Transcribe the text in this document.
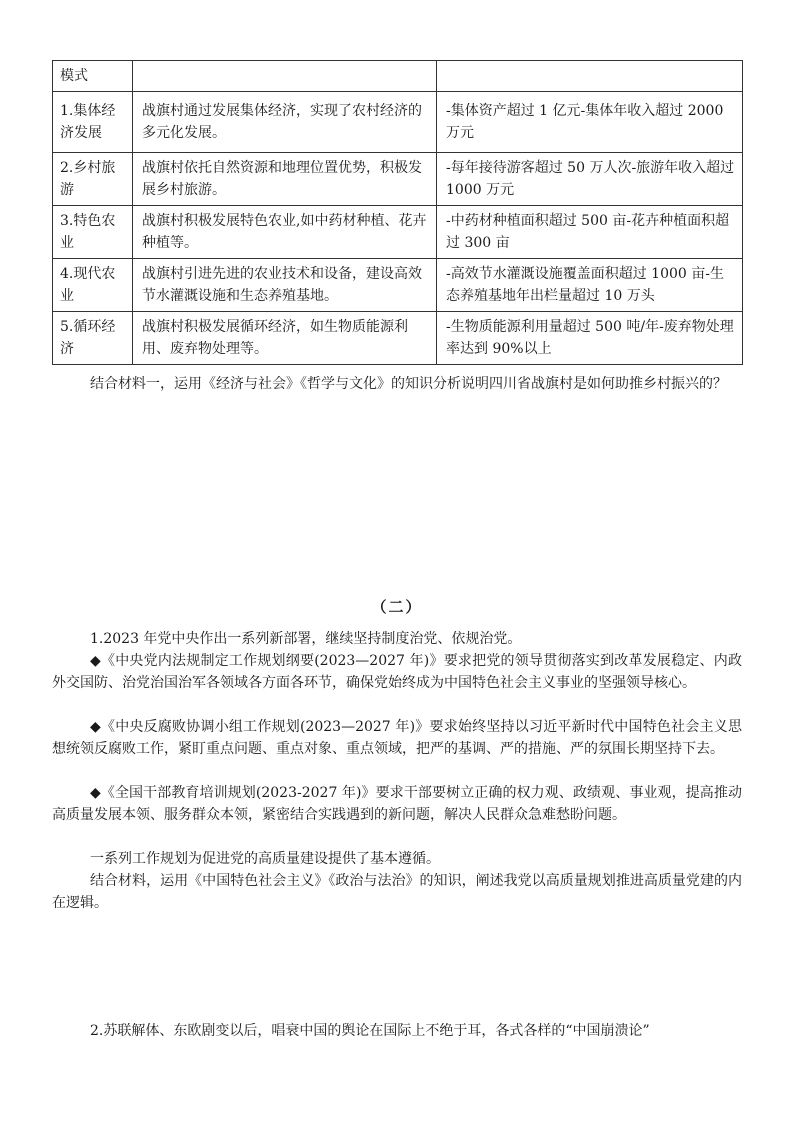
模式		
1.集体经济发展	战旗村通过发展集体经济，实现了农村经济的多元化发展。	-集体资产超过 1 亿元-集体年收入超过 2000 万元
2.乡村旅游	战旗村依托自然资源和地理位置优势，积极发展乡村旅游。	-每年接待游客超过 50 万人次-旅游年收入超过 1000 万元
3.特色农业	战旗村积极发展特色农业,如中药材种植、花卉种植等。	-中药材种植面积超过 500 亩-花卉种植面积超过 300 亩
4.现代农业	战旗村引进先进的农业技术和设备，建设高效节水灌溉设施和生态养殖基地。	-高效节水灌溉设施覆盖面积超过 1000 亩-生态养殖基地年出栏量超过 10 万头
5.循环经济	战旗村积极发展循环经济，如生物质能源利用、废弃物处理等。	-生物质能源利用量超过 500 吨/年-废弃物处理率达到 90%以上

结合材料一，运用《经济与社会》《哲学与文化》的知识分析说明四川省战旗村是如何助推乡村振兴的？

（二）

1.2023 年党中央作出一系列新部署，继续坚持制度治党、依规治党。

◆《中央党内法规制定工作规划纲要(2023—2027 年)》要求把党的领导贯彻落实到改革发展稳定、内政外交国防、治党治国治军各领域各方面各环节，确保党始终成为中国特色社会主义事业的坚强领导核心。

◆《中央反腐败协调小组工作规划(2023—2027 年)》要求始终坚持以习近平新时代中国特色社会主义思想统领反腐败工作，紧盯重点问题、重点对象、重点领域，把严的基调、严的措施、严的氛围长期坚持下去。

◆《全国干部教育培训规划(2023-2027 年)》要求干部要树立正确的权力观、政绩观、事业观，提高推动高质量发展本领、服务群众本领，紧密结合实践遇到的新问题，解决人民群众急难愁盼问题。

一系列工作规划为促进党的高质量建设提供了基本遵循。

结合材料，运用《中国特色社会主义》《政治与法治》的知识，阐述我党以高质量规划推进高质量党建的内在逻辑。

2.苏联解体、东欧剧变以后，唱衰中国的舆论在国际上不绝于耳，各式各样的“中国崩溃论”
